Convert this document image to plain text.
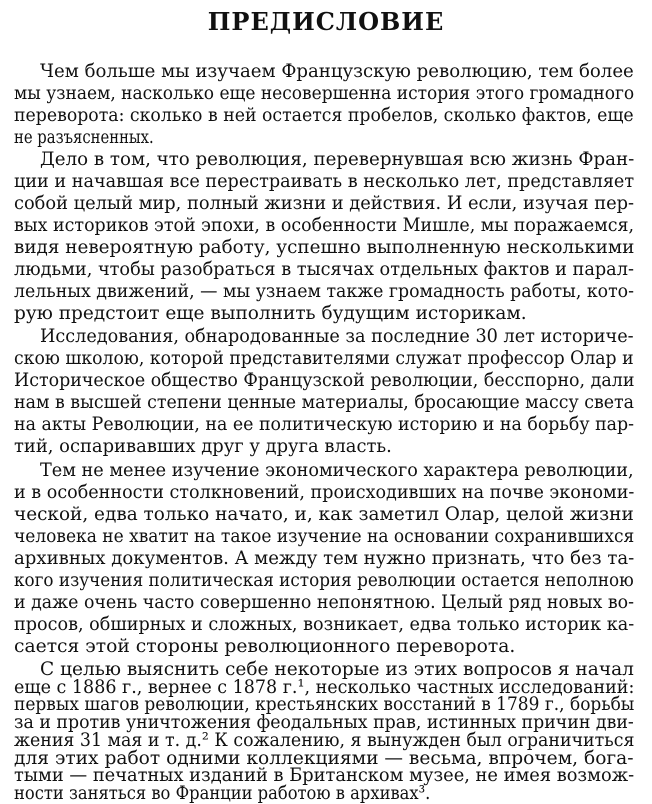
ПРЕДИСЛОВИЕ
Чем больше мы изучаем Французскую революцию, тем более
мы узнаем, насколько еще несовершенна история этого громадного
переворота: сколько в ней остается пробелов, сколько фактов, еще
не разъясненных.
Дело в том, что революция, перевернувшая всю жизнь Фран-
ции и начавшая все перестраивать в несколько лет, представляет
собой целый мир, полный жизни и действия. И если, изучая пер-
вых историков этой эпохи, в особенности Мишле, мы поражаемся,
видя невероятную работу, успешно выполненную несколькими
людьми, чтобы разобраться в тысячах отдельных фактов и парал-
лельных движений, — мы узнаем также громадность работы, кото-
рую предстоит еще выполнить будущим историкам.
Исследования, обнародованные за последние 30 лет историче-
скою школою, которой представителями служат профессор Олар и
Историческое общество Французской революции, бесспорно, дали
нам в высшей степени ценные материалы, бросающие массу света
на акты Революции, на ее политическую историю и на борьбу пар-
тий, оспаривавших друг у друга власть.
Тем не менее изучение экономического характера революции,
и в особенности столкновений, происходивших на почве экономи-
ческой, едва только начато, и, как заметил Олар, целой жизни
человека не хватит на такое изучение на основании сохранившихся
архивных документов. А между тем нужно признать, что без та-
кого изучения политическая история революции остается неполною
и даже очень часто совершенно непонятною. Целый ряд новых во-
просов, обширных и сложных, возникает, едва только историк ка-
сается этой стороны революционного переворота.
С целью выяснить себе некоторые из этих вопросов я начал
еще с 1886 г., вернее с 1878 г.¹, несколько частных исследований:
первых шагов революции, крестьянских восстаний в 1789 г., борьбы
за и против уничтожения феодальных прав, истинных причин дви-
жения 31 мая и т. д.² К сожалению, я вынужден был ограничиться
для этих работ одними коллекциями — весьма, впрочем, бога-
тыми — печатных изданий в Британском музее, не имея возмож-
ности заняться во Франции работою в архивах³.
